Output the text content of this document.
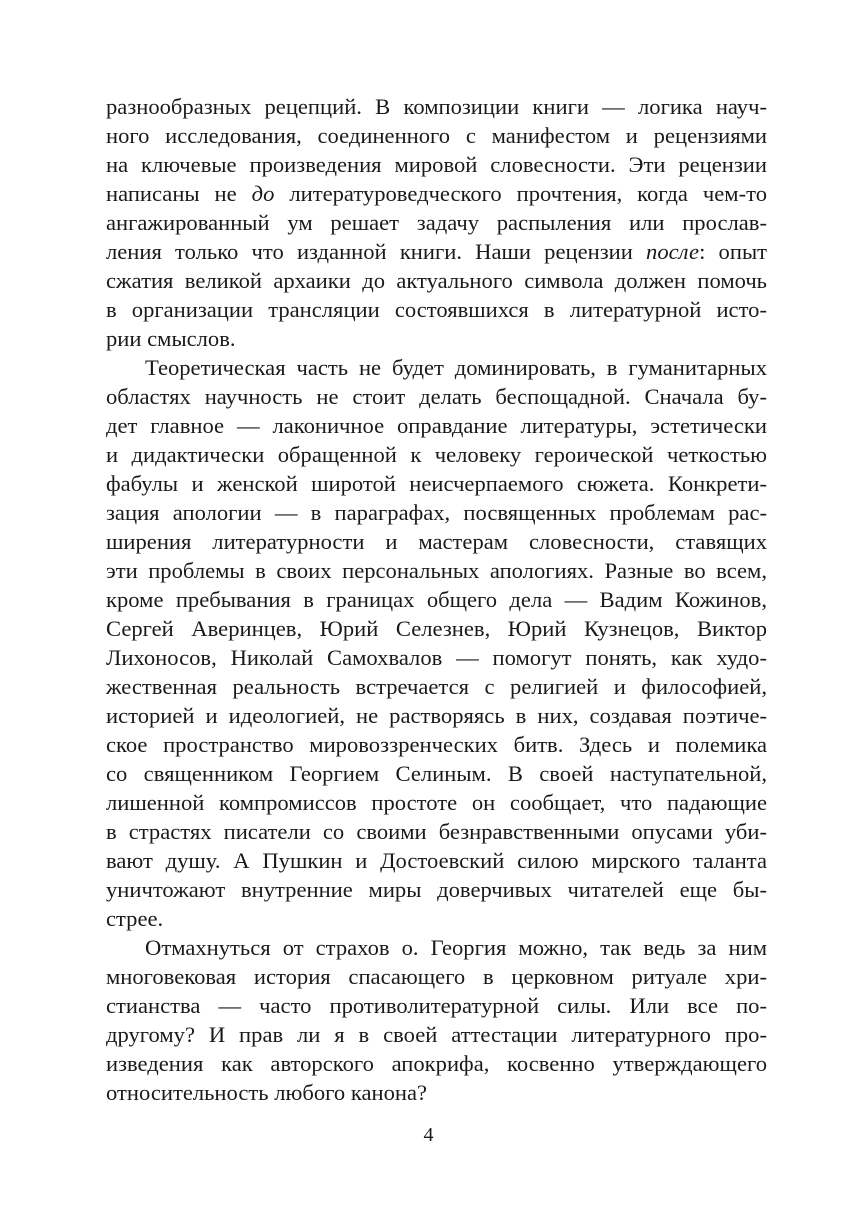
разнообразных рецепций. В композиции книги — логика науч-
ного исследования, соединенного с манифестом и рецензиями
на ключевые произведения мировой словесности. Эти рецензии
написаны не до литературоведческого прочтения, когда чем-то
ангажированный ум решает задачу распыления или прослав-
ления только что изданной книги. Наши рецензии после: опыт
сжатия великой архаики до актуального символа должен помочь
в организации трансляции состоявшихся в литературной исто-
рии смыслов.
Теоретическая часть не будет доминировать, в гуманитарных
областях научность не стоит делать беспощадной. Сначала бу-
дет главное — лаконичное оправдание литературы, эстетически
и дидактически обращенной к человеку героической четкостью
фабулы и женской широтой неисчерпаемого сюжета. Конкрети-
зация апологии — в параграфах, посвященных проблемам рас-
ширения литературности и мастерам словесности, ставящих
эти проблемы в своих персональных апологиях. Разные во всем,
кроме пребывания в границах общего дела — Вадим Кожинов,
Сергей Аверинцев, Юрий Селезнев, Юрий Кузнецов, Виктор
Лихоносов, Николай Самохвалов — помогут понять, как худо-
жественная реальность встречается с религией и философией,
историей и идеологией, не растворяясь в них, создавая поэтиче-
ское пространство мировоззренческих битв. Здесь и полемика
со священником Георгием Селиным. В своей наступательной,
лишенной компромиссов простоте он сообщает, что падающие
в страстях писатели со своими безнравственными опусами уби-
вают душу. А Пушкин и Достоевский силою мирского таланта
уничтожают внутренние миры доверчивых читателей еще бы-
стрее.
Отмахнуться от страхов о. Георгия можно, так ведь за ним
многовековая история спасающего в церковном ритуале хри-
стианства — часто противолитературной силы. Или все по-
другому? И прав ли я в своей аттестации литературного про-
изведения как авторского апокрифа, косвенно утверждающего
относительность любого канона?
4
